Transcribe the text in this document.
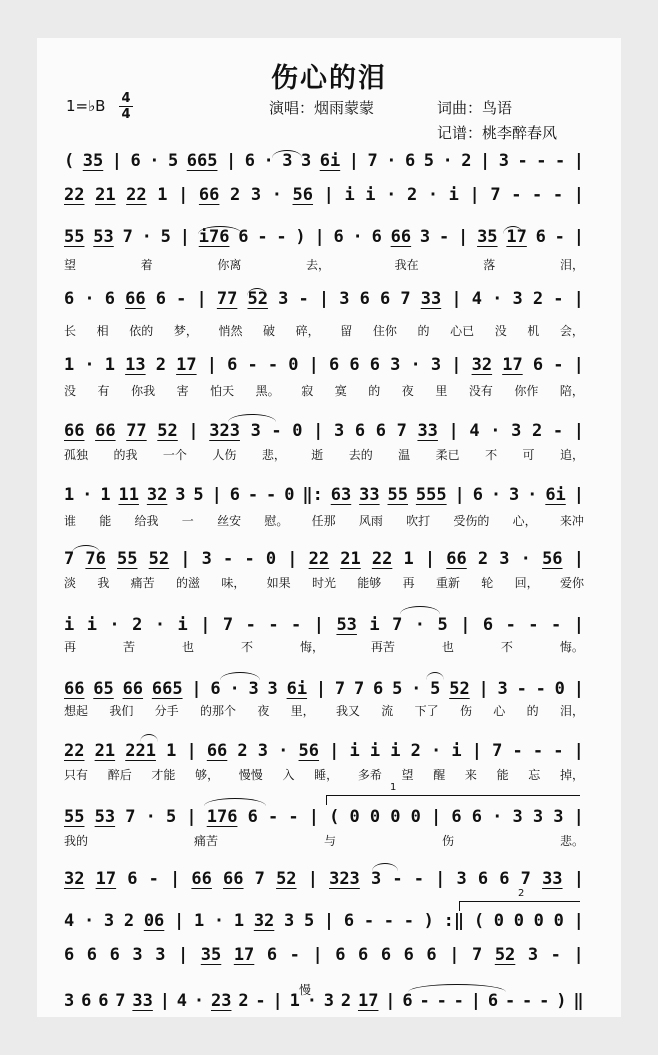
伤心的泪
1=♭B 4
4	演唱：烟雨蒙蒙	词曲：鸟语
记谱：桃李醉春风
( 35 | 6 · 5 665 | 6 · 3 3 6i | 7 · 6 5 · 2 | 3 - - - |
22 21 22 1 | 66 2 3 · 56 | i i · 2 · i | 7 - - - |
55 53 7 · 5 | i76 6 - - ) | 6 · 6 66 3 - | 35 17 6 - |
望	着	你离	去，	我在	落	泪，
6 · 6 66 6 - | 77 52 3 - | 3 6 6 7 33 | 4 · 3 2 - |
长 相 依的 梦， 悄然 破 碎， 留 住你 的 心已 没 机 会，
1 · 1 13 2 17 | 6 - - 0 | 6 6 6 3 · 3 | 32 17 6 - |
没 有 你我 害 怕天 黑。 寂 寞 的 夜 里 没有 你作 陪，
66 66 77 52 | 323 3 - 0 | 3 6 6 7 33 | 4 · 3 2 - |
孤独 的我 一个 人伤 悲， 逝 去的 温 柔已 不 可 追，
1 · 1 11 32 3 5 | 6 - - 0 ‖: 63 33 55 555 | 6 · 3 · 6i |
谁 能 给我 一 丝安 慰。 任那 风雨 吹打 受伤的 心， 来冲
7 76 55 52 | 3 - - 0 | 22 21 22 1 | 66 2 3 · 56 |
淡 我 痛苦 的滋 味， 如果 时光 能够 再 重新 轮 回， 爱你
i i · 2 · i | 7 - - - | 53 i 7 · 5 | 6 - - - |
再	苦	也	不	悔，	再苦	也	不	悔。
66 65 66 665 | 6 · 3 3 6i | 7 7 6 5 · 5 52 | 3 - - 0 |
想起 我们 分手 的那个 夜 里， 我又 流 下了 伤 心 的 泪，
22 21 221 1 | 66 2 3 · 56 | i i i 2 · i | 7 - - - |
只有 醉后 才能 够， 慢慢 入 睡， 多希 望 醒 来 能 忘 掉，
55 53 7 · 5 | 176 6 - - | ( 0 0 0 0 | 6 6 · 3 3 3 |
我的	痛苦	与	伤	悲。
32 17 6 - | 66 66 7 52 | 323 3 - - | 3 6 6 7 33 |
4 · 3 2 06 | 1 · 1 32 3 5 | 6 - - - ) :‖ ( 0 0 0 0 |
6 6 6 3 3 | 35 17 6 - | 6 6 6 6 6 | 7 52 3 - |
3 6 6 7 33 | 4 · 23 2 - | 1 · 3 2 17 | 6 - - - | 6 - - - ) ‖
1
2
慢
